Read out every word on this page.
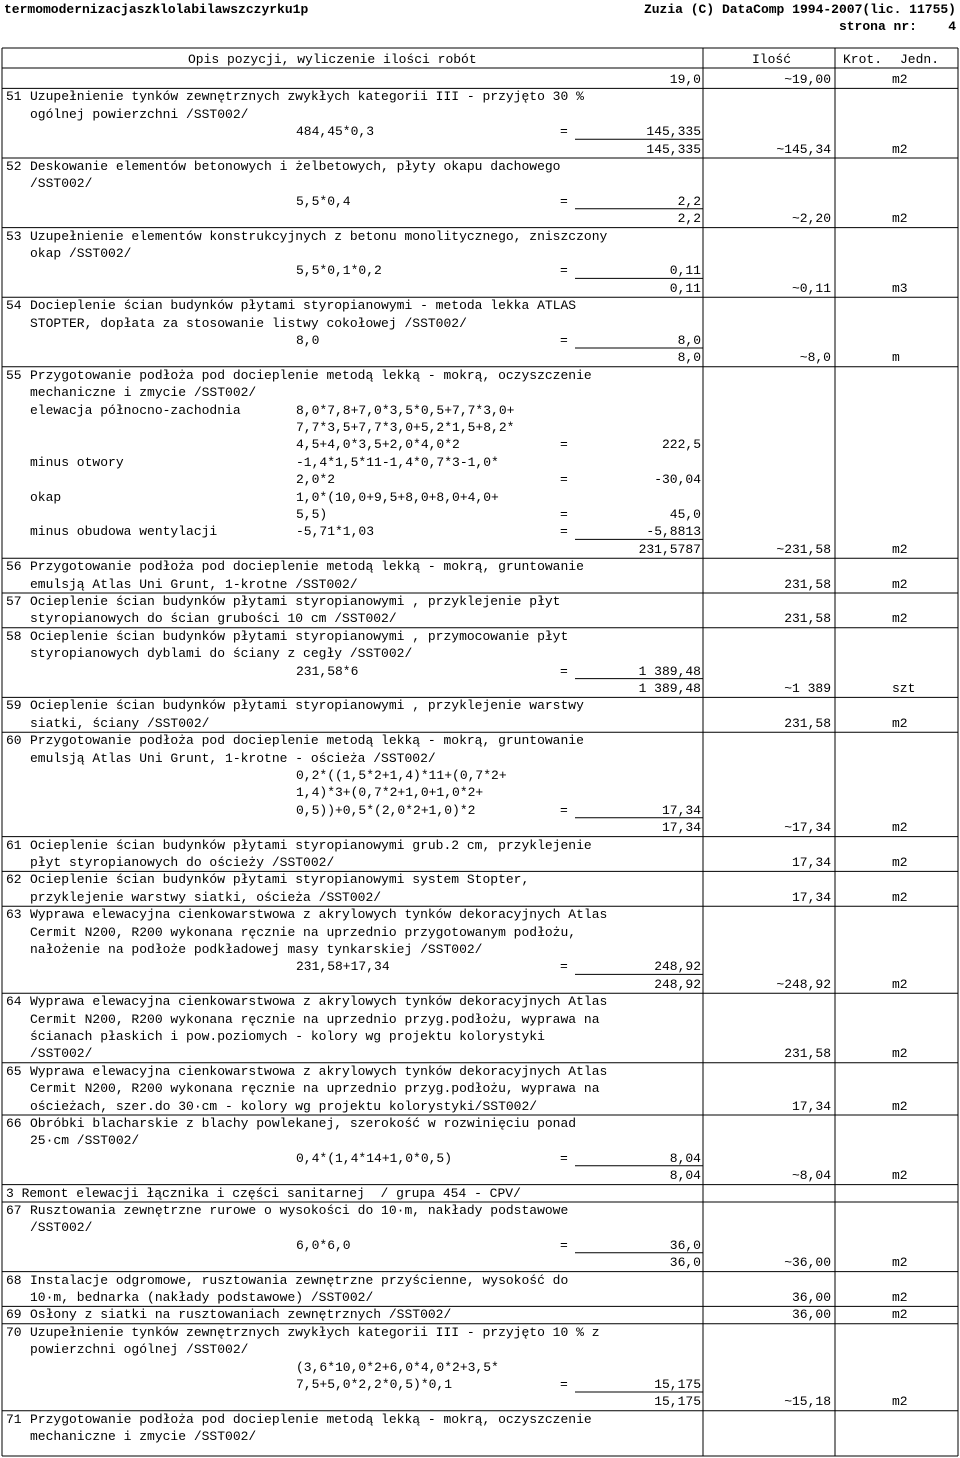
termomodernizacjaszklolabilawszczyrku1p	Zuzia (C) DataComp 1994-2007(lic. 11755)
strona nr: 4
Opis pozycji, wyliczenie ilości robót	Ilość	Krot. Jedn.
19,0	~19,00	m2
51 Uzupełnienie tynków zewnętrznych zwykłych kategorii III - przyjęto 30 %
ogólnej powierzchni /SST002/
484,45*0,3	=	145,335
145,335	~145,34	m2
52 Deskowanie elementów betonowych i żelbetowych, płyty okapu dachowego
/SST002/
5,5*0,4	=	2,2
2,2	~2,20	m2
53 Uzupełnienie elementów konstrukcyjnych z betonu monolitycznego, zniszczony
okap /SST002/
5,5*0,1*0,2	=	0,11
0,11	~0,11	m3
54 Docieplenie ścian budynków płytami styropianowymi - metoda lekka ATLAS
STOPTER, dopłata za stosowanie listwy cokołowej /SST002/
8,0	=	8,0
8,0	~8,0	m
55 Przygotowanie podłoża pod docieplenie metodą lekką - mokrą, oczyszczenie
mechaniczne i zmycie /SST002/
elewacja północno-zachodnia	8,0*7,8+7,0*3,5*0,5+7,7*3,0+
7,7*3,5+7,7*3,0+5,2*1,5+8,2*
4,5+4,0*3,5+2,0*4,0*2	=	222,5
minus otwory	-1,4*1,5*11-1,4*0,7*3-1,0*
2,0*2	=	-30,04
okap	1,0*(10,0+9,5+8,0+8,0+4,0+
5,5)	=	45,0
minus obudowa wentylacji	-5,71*1,03	=	-5,8813
231,5787	~231,58	m2
56 Przygotowanie podłoża pod docieplenie metodą lekką - mokrą, gruntowanie
emulsją Atlas Uni Grunt, 1-krotne /SST002/	231,58	m2
57 Ocieplenie ścian budynków płytami styropianowymi , przyklejenie płyt
styropianowych do ścian grubości 10 cm /SST002/	231,58	m2
58 Ocieplenie ścian budynków płytami styropianowymi , przymocowanie płyt
styropianowych dyblami do ściany z cegły /SST002/
231,58*6	=	1 389,48
1 389,48	~1 389	szt
59 Ocieplenie ścian budynków płytami styropianowymi , przyklejenie warstwy
siatki, ściany /SST002/	231,58	m2
60 Przygotowanie podłoża pod docieplenie metodą lekką - mokrą, gruntowanie
emulsją Atlas Uni Grunt, 1-krotne - ościeża /SST002/
0,2*((1,5*2+1,4)*11+(0,7*2+
1,4)*3+(0,7*2+1,0+1,0*2+
0,5))+0,5*(2,0*2+1,0)*2	=	17,34
17,34	~17,34	m2
61 Ocieplenie ścian budynków płytami styropianowymi grub.2 cm, przyklejenie
płyt styropianowych do ościeży /SST002/	17,34	m2
62 Ocieplenie ścian budynków płytami styropianowymi system Stopter,
przyklejenie warstwy siatki, ościeża /SST002/	17,34	m2
63 Wyprawa elewacyjna cienkowarstwowa z akrylowych tynków dekoracyjnych Atlas
Cermit N200, R200 wykonana ręcznie na uprzednio przygotowanym podłożu,
nałożenie na podłoże podkładowej masy tynkarskiej /SST002/
231,58+17,34	=	248,92
248,92	~248,92	m2
64 Wyprawa elewacyjna cienkowarstwowa z akrylowych tynków dekoracyjnych Atlas
Cermit N200, R200 wykonana ręcznie na uprzednio przyg.podłożu, wyprawa na
ścianach płaskich i pow.poziomych - kolory wg projektu kolorystyki
/SST002/	231,58	m2
65 Wyprawa elewacyjna cienkowarstwowa z akrylowych tynków dekoracyjnych Atlas
Cermit N200, R200 wykonana ręcznie na uprzednio przyg.podłożu, wyprawa na
ościeżach, szer.do 30·cm - kolory wg projektu kolorystyki/SST002/	17,34	m2
66 Obróbki blacharskie z blachy powlekanej, szerokość w rozwinięciu ponad
25·cm /SST002/
0,4*(1,4*14+1,0*0,5)	=	8,04
8,04	~8,04	m2
3 Remont elewacji łącznika i części sanitarnej  / grupa 454 - CPV/
67 Rusztowania zewnętrzne rurowe o wysokości do 10·m, nakłady podstawowe
/SST002/
6,0*6,0	=	36,0
36,0	~36,00	m2
68 Instalacje odgromowe, rusztowania zewnętrzne przyścienne, wysokość do
10·m, bednarka (nakłady podstawowe) /SST002/	36,00	m2
69 Osłony z siatki na rusztowaniach zewnętrznych /SST002/	36,00	m2
70 Uzupełnienie tynków zewnętrznych zwykłych kategorii III - przyjęto 10 % z
powierzchni ogólnej /SST002/
(3,6*10,0*2+6,0*4,0*2+3,5*
7,5+5,0*2,2*0,5)*0,1	=	15,175
15,175	~15,18	m2
71 Przygotowanie podłoża pod docieplenie metodą lekką - mokrą, oczyszczenie
mechaniczne i zmycie /SST002/
